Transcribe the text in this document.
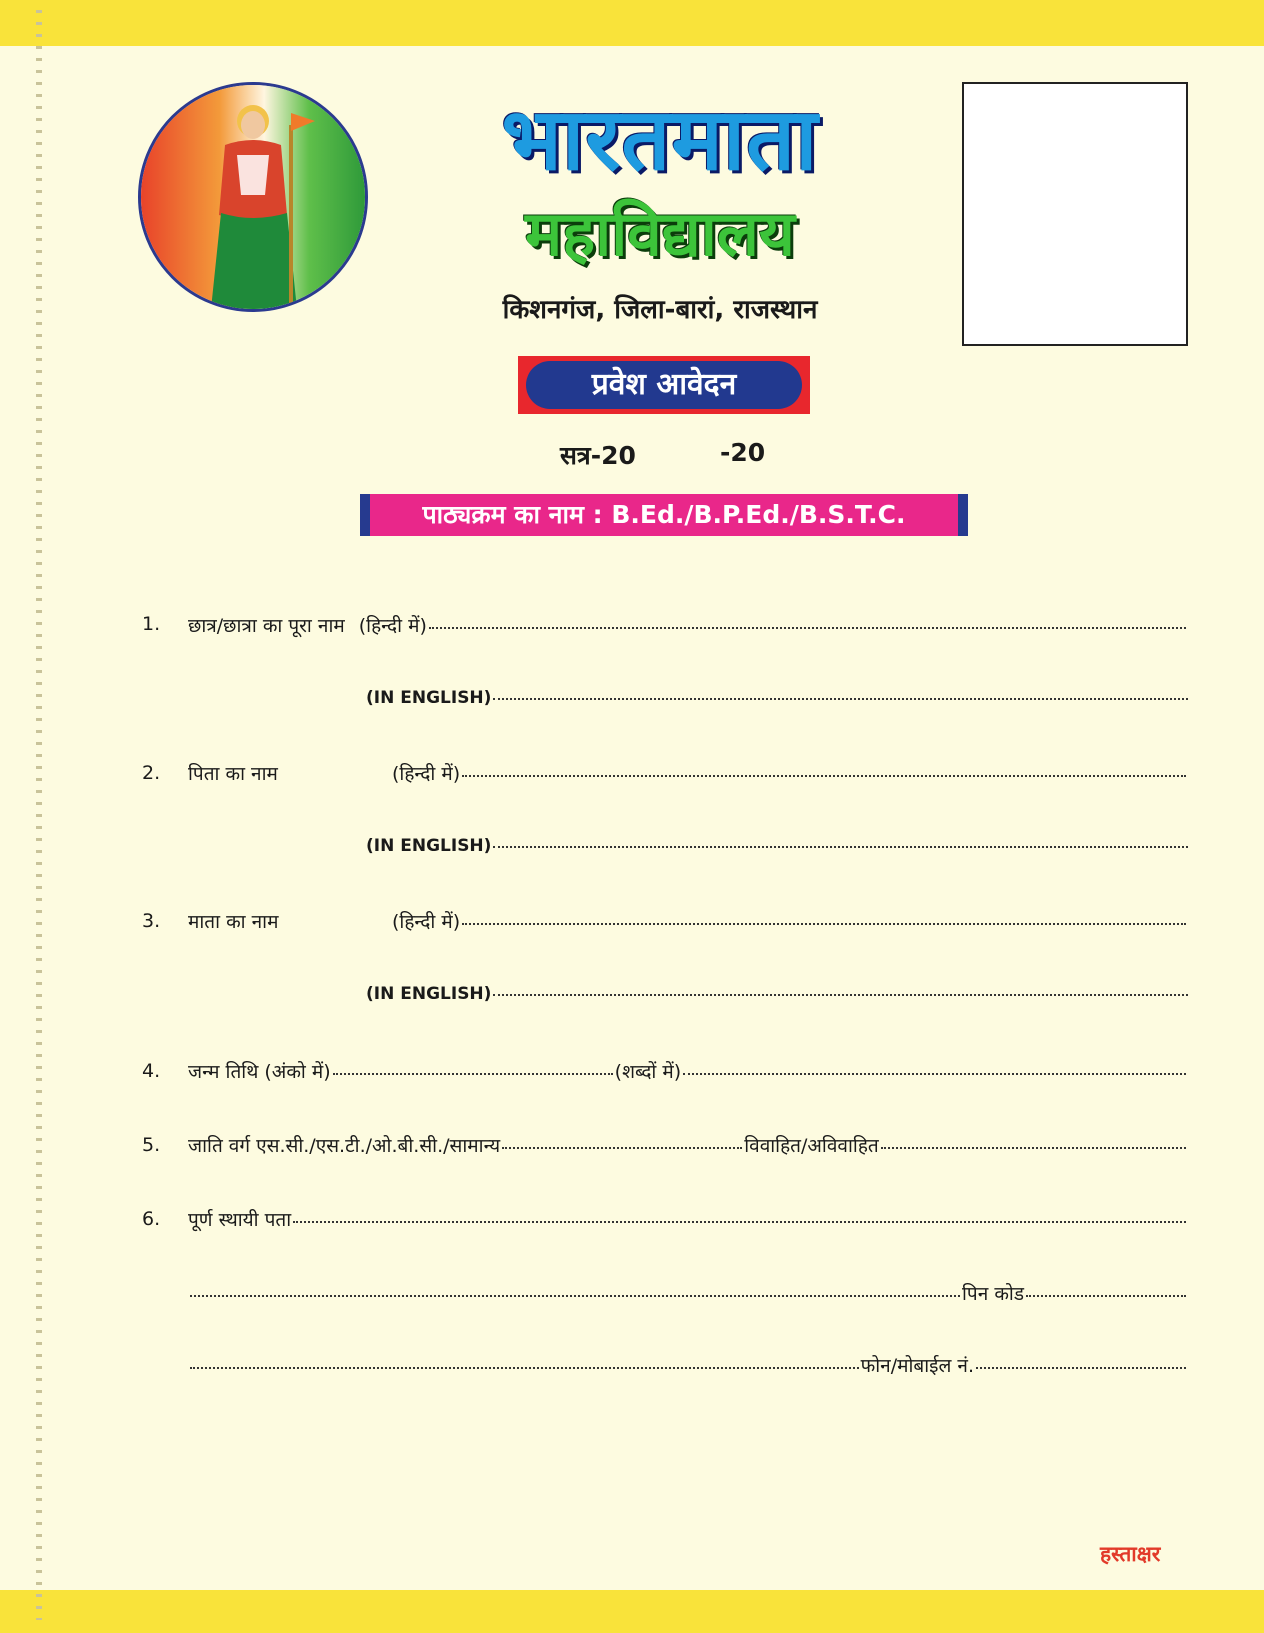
भारतमाता
महाविद्यालय
किशनगंज, जिला-बारां, राजस्थान
प्रवेश आवेदन
सत्र-20	-20
पाठ्यक्रम का नाम : B.Ed./B.P.Ed./B.S.T.C.
1. छात्र/छात्रा का पूरा नाम (हिन्दी में)
(IN ENGLISH)
2. पिता का नाम	(हिन्दी में)
(IN ENGLISH)
3. माता का नाम	(हिन्दी में)
(IN ENGLISH)
4. जन्म तिथि (अंको में)	(शब्दों में)
5. जाति वर्ग एस.सी./एस.टी./ओ.बी.सी./सामान्य	विवाहित/अविवाहित
6. पूर्ण स्थायी पता
पिन कोड
फोन/मोबाईल नं.
हस्ताक्षर
